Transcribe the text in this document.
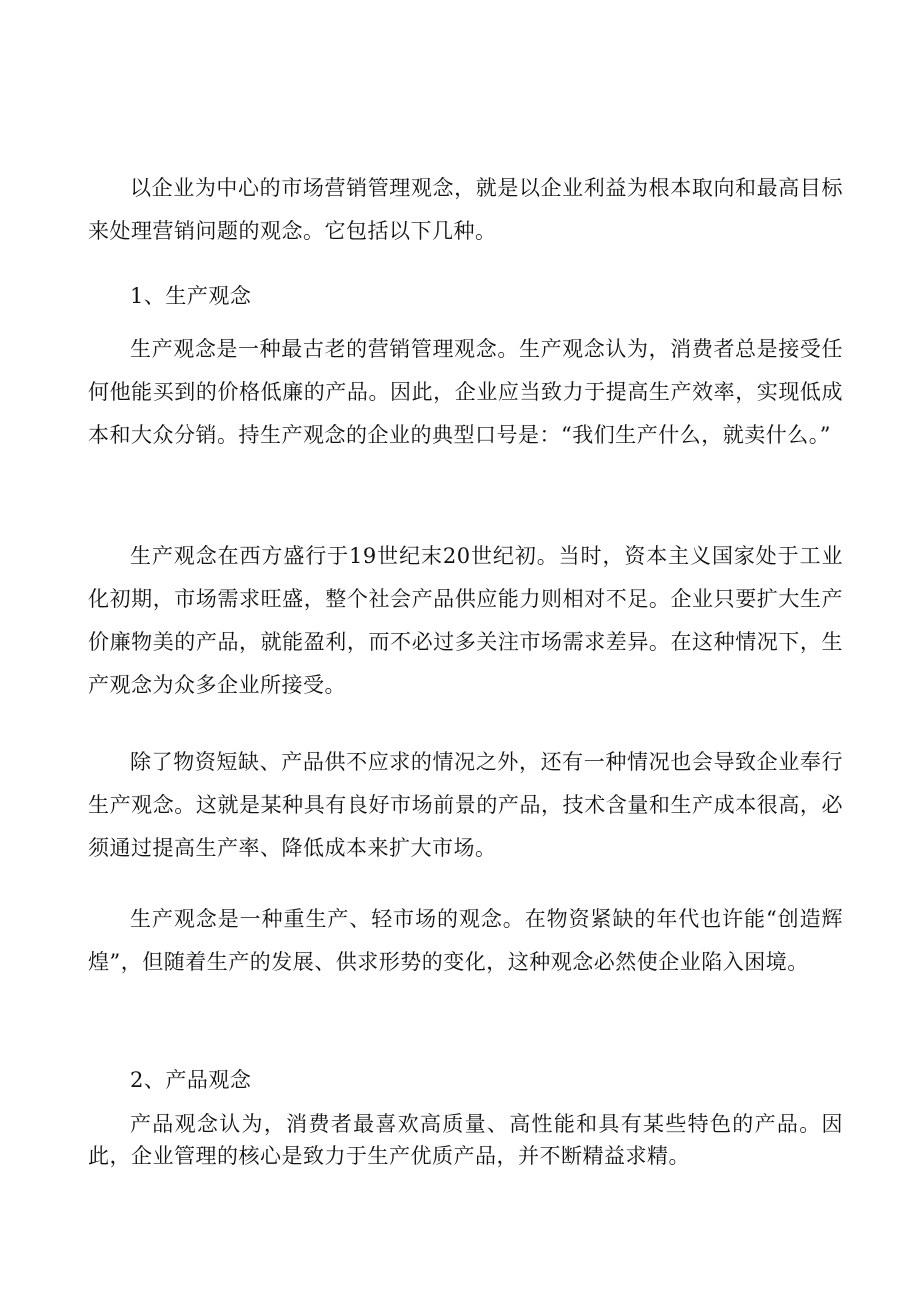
以企业为中心的市场营销管理观念，就是以企业利益为根本取向和最高目标来处理营销问题的观念。它包括以下几种。

1、生产观念

生产观念是一种最古老的营销管理观念。生产观念认为，消费者总是接受任何他能买到的价格低廉的产品。因此，企业应当致力于提高生产效率，实现低成本和大众分销。持生产观念的企业的典型口号是：“我们生产什么，就卖什么。”

生产观念在西方盛行于19世纪末20世纪初。当时，资本主义国家处于工业化初期，市场需求旺盛，整个社会产品供应能力则相对不足。企业只要扩大生产价廉物美的产品，就能盈利，而不必过多关注市场需求差异。在这种情况下，生产观念为众多企业所接受。

除了物资短缺、产品供不应求的情况之外，还有一种情况也会导致企业奉行生产观念。这就是某种具有良好市场前景的产品，技术含量和生产成本很高，必须通过提高生产率、降低成本来扩大市场。

生产观念是一种重生产、轻市场的观念。在物资紧缺的年代也许能“创造辉煌”，但随着生产的发展、供求形势的变化，这种观念必然使企业陷入困境。

2、产品观念

产品观念认为，消费者最喜欢高质量、高性能和具有某些特色的产品。因此，企业管理的核心是致力于生产优质产品，并不断精益求精。
